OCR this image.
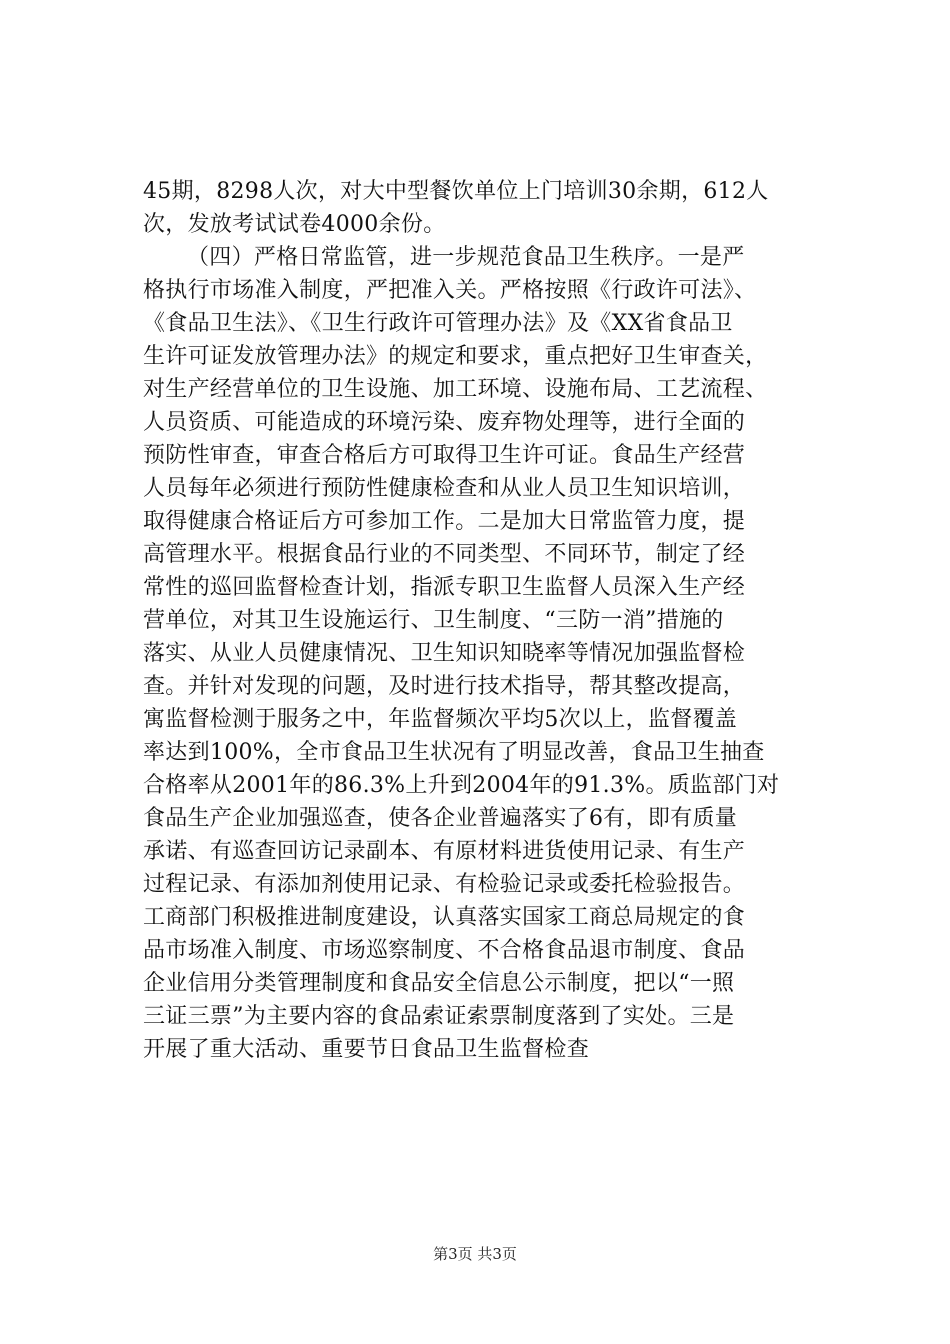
45期，8298人次，对大中型餐饮单位上门培训30余期，612人
次，发放考试试卷4000余份。
（四）严格日常监管，进一步规范食品卫生秩序。一是严
格执行市场准入制度，严把准入关。严格按照《行政许可法》、
《食品卫生法》、《卫生行政许可管理办法》及《XX省食品卫
生许可证发放管理办法》的规定和要求，重点把好卫生审查关，
对生产经营单位的卫生设施、加工环境、设施布局、工艺流程、
人员资质、可能造成的环境污染、废弃物处理等，进行全面的
预防性审查，审查合格后方可取得卫生许可证。食品生产经营
人员每年必须进行预防性健康检查和从业人员卫生知识培训，
取得健康合格证后方可参加工作。二是加大日常监管力度，提
高管理水平。根据食品行业的不同类型、不同环节，制定了经
常性的巡回监督检查计划，指派专职卫生监督人员深入生产经
营单位，对其卫生设施运行、卫生制度、“三防一消”措施的
落实、从业人员健康情况、卫生知识知晓率等情况加强监督检
查。并针对发现的问题，及时进行技术指导，帮其整改提高，
寓监督检测于服务之中，年监督频次平均5次以上，监督覆盖
率达到100%，全市食品卫生状况有了明显改善，食品卫生抽查
合格率从2001年的86.3%上升到2004年的91.3%。质监部门对
食品生产企业加强巡查，使各企业普遍落实了6有，即有质量
承诺、有巡查回访记录副本、有原材料进货使用记录、有生产
过程记录、有添加剂使用记录、有检验记录或委托检验报告。
工商部门积极推进制度建设，认真落实国家工商总局规定的食
品市场准入制度、市场巡察制度、不合格食品退市制度、食品
企业信用分类管理制度和食品安全信息公示制度，把以“一照
三证三票”为主要内容的食品索证索票制度落到了实处。三是
开展了重大活动、重要节日食品卫生监督检查
第3页 共3页
